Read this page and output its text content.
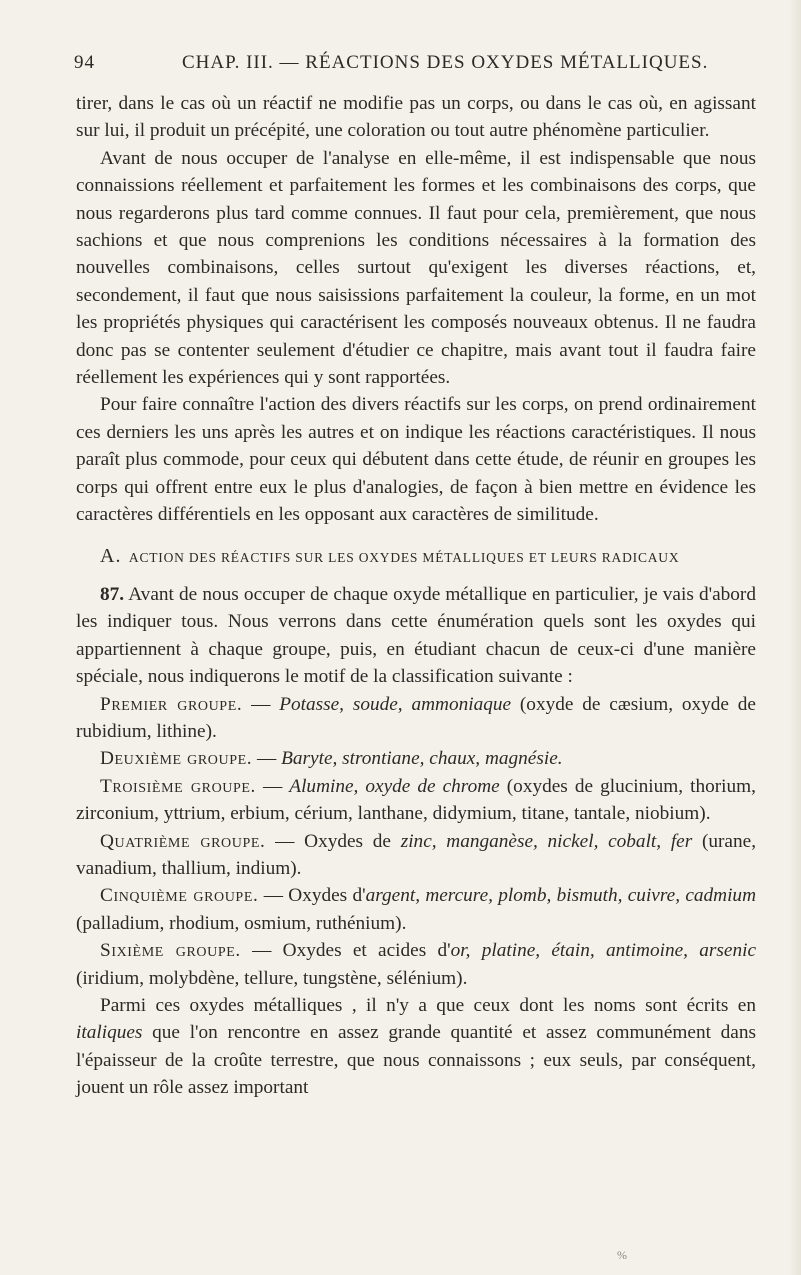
94	CHAP. III. — RÉACTIONS DES OXYDES MÉTALLIQUES.

tirer, dans le cas où un réactif ne modifie pas un corps, ou dans le cas où, en agissant sur lui, il produit un précépité, une coloration ou tout autre phénomène particulier.

Avant de nous occuper de l'analyse en elle-même, il est indispensable que nous connaissions réellement et parfaitement les formes et les combinaisons des corps, que nous regarderons plus tard comme connues. Il faut pour cela, premièrement, que nous sachions et que nous comprenions les conditions nécessaires à la formation des nouvelles combinaisons, celles surtout qu'exigent les diverses réactions, et, secondement, il faut que nous saisissions parfaitement la couleur, la forme, en un mot les propriétés physiques qui caractérisent les composés nouveaux obtenus. Il ne faudra donc pas se contenter seulement d'étudier ce chapitre, mais avant tout il faudra faire réellement les expériences qui y sont rapportées.

Pour faire connaître l'action des divers réactifs sur les corps, on prend ordinairement ces derniers les uns après les autres et on indique les réactions caractéristiques. Il nous paraît plus commode, pour ceux qui débutent dans cette étude, de réunir en groupes les corps qui offrent entre eux le plus d'analogies, de façon à bien mettre en évidence les caractères différentiels en les opposant aux caractères de similitude.

A. ACTION DES RÉACTIFS SUR LES OXYDES MÉTALLIQUES ET LEURS RADICAUX

87. Avant de nous occuper de chaque oxyde métallique en particulier, je vais d'abord les indiquer tous. Nous verrons dans cette énumération quels sont les oxydes qui appartiennent à chaque groupe, puis, en étudiant chacun de ceux-ci d'une manière spéciale, nous indiquerons le motif de la classification suivante :

Premier groupe. — Potasse, soude, ammoniaque (oxyde de cæsium, oxyde de rubidium, lithine).

Deuxième groupe. — Baryte, strontiane, chaux, magnésie.

Troisième groupe. — Alumine, oxyde de chrome (oxydes de glucinium, thorium, zirconium, yttrium, erbium, cérium, lanthane, didymium, titane, tantale, niobium).

Quatrième groupe. — Oxydes de zinc, manganèse, nickel, cobalt, fer (urane, vanadium, thallium, indium).

Cinquième groupe. — Oxydes d'argent, mercure, plomb, bismuth, cuivre, cadmium (palladium, rhodium, osmium, ruthénium).

Sixième groupe. — Oxydes et acides d'or, platine, étain, antimoine, arsenic (iridium, molybdène, tellure, tungstène, sélénium).

Parmi ces oxydes métalliques , il n'y a que ceux dont les noms sont écrits en italiques que l'on rencontre en assez grande quantité et assez communément dans l'épaisseur de la croûte terrestre, que nous connaissons ; eux seuls, par conséquent, jouent un rôle assez important

%
